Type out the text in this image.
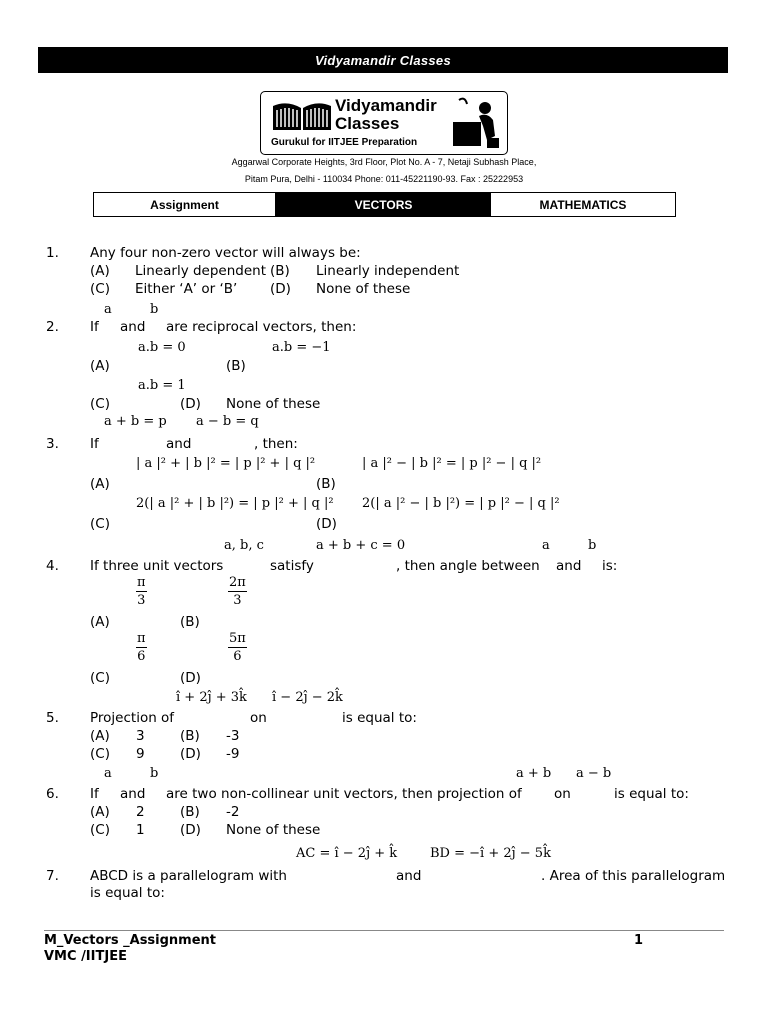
Vidyamandir Classes
Vidyamandir
Classes
Gurukul for IITJEE Preparation
Aggarwal Corporate Heights, 3rd Floor, Plot No. A - 7, Netaji Subhash Place,
Pitam Pura, Delhi - 110034 Phone: 011-45221190-93. Fax : 25222953
Assignment	VECTORS	MATHEMATICS
1. Any four non-zero vector will always be:
(A) Linearly dependent (B) Linearly independent
(C) Either ‘A’ or ‘B’ (D) None of these
a	b
2. If and are reciprocal vectors, then:
a.b = 0	a.b = −1
(A)	(B)
a.b = 1
(C)	(D) None of these
a + b = p a − b = q
3. If	and	, then:
| a |² + | b |² = | p |² + | q |²	| a |² − | b |² = | p |² − | q |²
(A)	(B)
2(| a |² + | b |²) = | p |² + | q |² 2(| a |² − | b |²) = | p |² − | q |²
(C)	(D)
a, b, c	a + b + c = 0	a	b
4. If three unit vectors	satisfy	, then angle between and is:
$\frac{\pi}{3}$	$\frac{2\pi}{3}$
(A)	(B)
$\frac{\pi}{6}$	$\frac{5\pi}{6}$
(C)	(D)
î + 2ĵ + 3k̂ î − 2ĵ − 2k̂
5. Projection of	on	is equal to:
(A) 3	(B) -3
(C) 9	(D) -9
a	b	a + b a − b
6. If and are two non-collinear unit vectors, then projection of on	is equal to:
(A) 2	(B) -2
(C) 1	(D) None of these
AC = î − 2ĵ + k̂	BD = −î + 2ĵ − 5k̂
7. ABCD is a parallelogram with	and	. Area of this parallelogram
is equal to:
M_Vectors _Assignment	1
VMC /IITJEE
